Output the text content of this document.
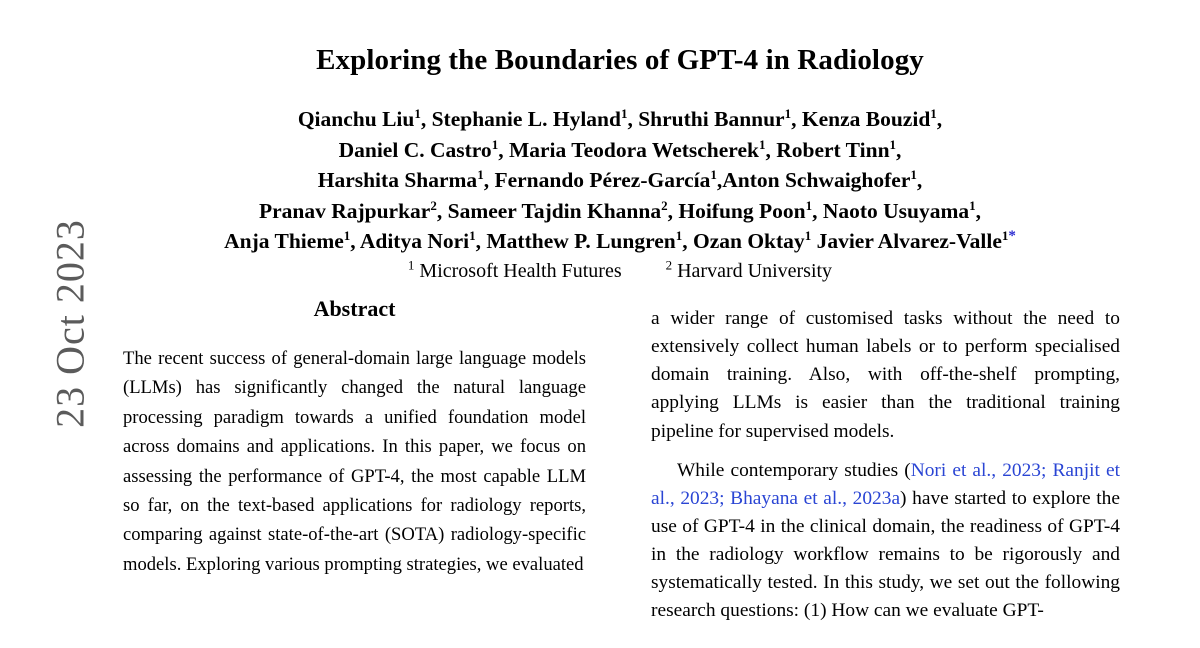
23 Oct 2023
Exploring the Boundaries of GPT-4 in Radiology
Qianchu Liu$^1$, Stephanie L. Hyland$^1$, Shruthi Bannur$^1$, Kenza Bouzid$^1$,
Daniel C. Castro$^1$, Maria Teodora Wetscherek$^1$, Robert Tinn$^1$,
Harshita Sharma$^1$, Fernando Pérez-García$^1$,Anton Schwaighofer$^1$,
Pranav Rajpurkar$^2$, Sameer Tajdin Khanna$^2$, Hoifung Poon$^1$, Naoto Usuyama$^1$,
Anja Thieme$^1$, Aditya Nori$^1$, Matthew P. Lungren$^1$, Ozan Oktay$^1$ Javier Alvarez-Valle$^{1*}$
$^1$ Microsoft Health Futures	$^2$ Harvard University
Abstract

The recent success of general-domain large language models (LLMs) has significantly changed the natural language processing paradigm towards a unified foundation model across domains and applications. In this paper, we focus on assessing the performance of GPT-4, the most capable LLM so far, on the text-based applications for radiology reports, comparing against state-of-the-art (SOTA) radiology-specific models. Exploring various prompting strategies, we evaluated

a wider range of customised tasks without the need to extensively collect human labels or to perform specialised domain training. Also, with off-the-shelf prompting, applying LLMs is easier than the traditional training pipeline for supervised models.

While contemporary studies (Nori et al., 2023; Ranjit et al., 2023; Bhayana et al., 2023a) have started to explore the use of GPT-4 in the clinical domain, the readiness of GPT-4 in the radiology workflow remains to be rigorously and systematically tested. In this study, we set out the following research questions: (1) How can we evaluate GPT-
